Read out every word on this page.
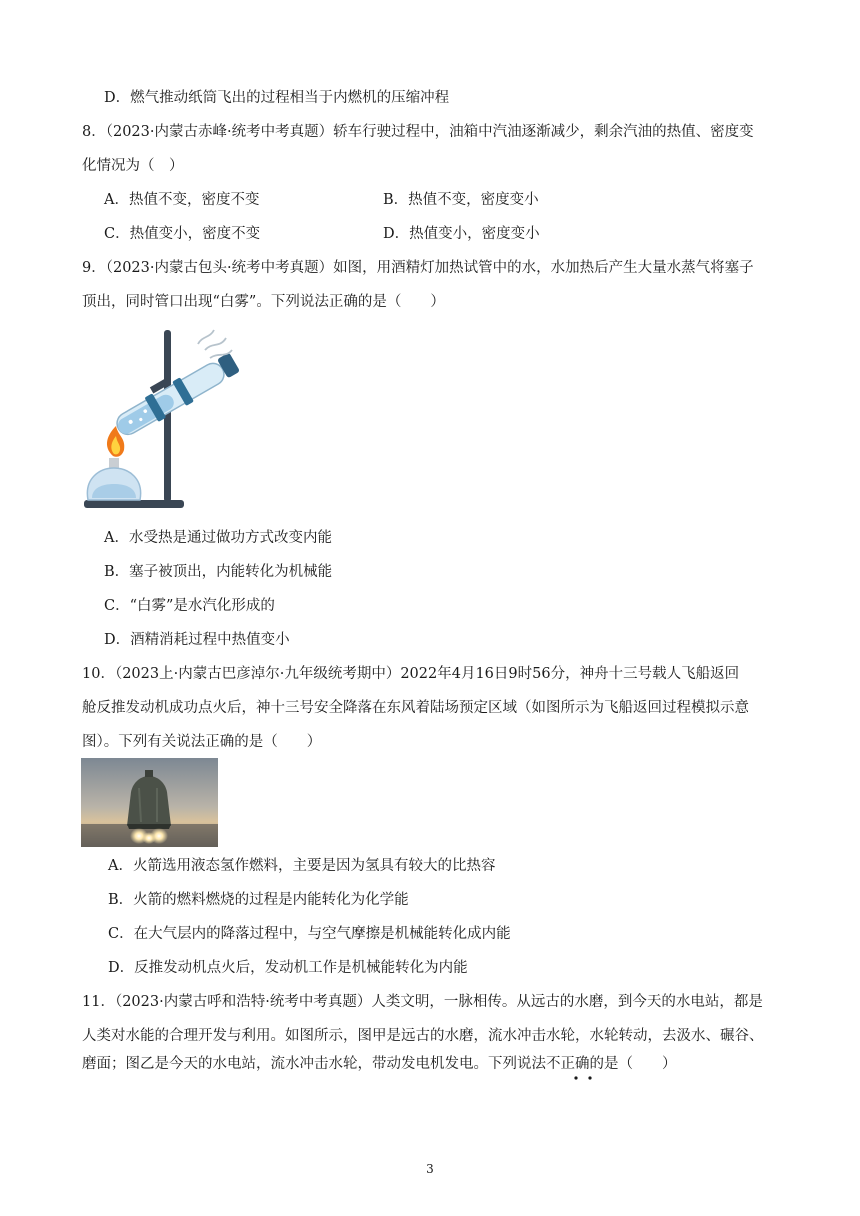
D．燃气推动纸筒飞出的过程相当于内燃机的压缩冲程
8．（2023·内蒙古赤峰·统考中考真题）轿车行驶过程中，油箱中汽油逐渐减少，剩余汽油的热值、密度变
化情况为（　）
A．热值不变，密度不变	B．热值不变，密度变小
C．热值变小，密度不变	D．热值变小，密度变小
9．（2023·内蒙古包头·统考中考真题）如图，用酒精灯加热试管中的水，水加热后产生大量水蒸气将塞子
顶出，同时管口出现“白雾”。下列说法正确的是（　　）
A．水受热是通过做功方式改变内能
B．塞子被顶出，内能转化为机械能
C．“白雾”是水汽化形成的
D．酒精消耗过程中热值变小
10．（2023上·内蒙古巴彦淖尔·九年级统考期中）2022年4月16日9时56分，神舟十三号载人飞船返回
舱反推发动机成功点火后，神十三号安全降落在东风着陆场预定区域（如图所示为飞船返回过程模拟示意
图）。下列有关说法正确的是（　　）
A．火箭选用液态氢作燃料，主要是因为氢具有较大的比热容
B．火箭的燃料燃烧的过程是内能转化为化学能
C．在大气层内的降落过程中，与空气摩擦是机械能转化成内能
D．反推发动机点火后，发动机工作是机械能转化为内能
11．（2023·内蒙古呼和浩特·统考中考真题）人类文明，一脉相传。从远古的水磨，到今天的水电站，都是
人类对水能的合理开发与利用。如图所示，图甲是远古的水磨，流水冲击水轮，水轮转动，去汲水、碾谷、
磨面；图乙是今天的水电站，流水冲击水轮，带动发电机发电。下列说法不正确的是（　　）
3
